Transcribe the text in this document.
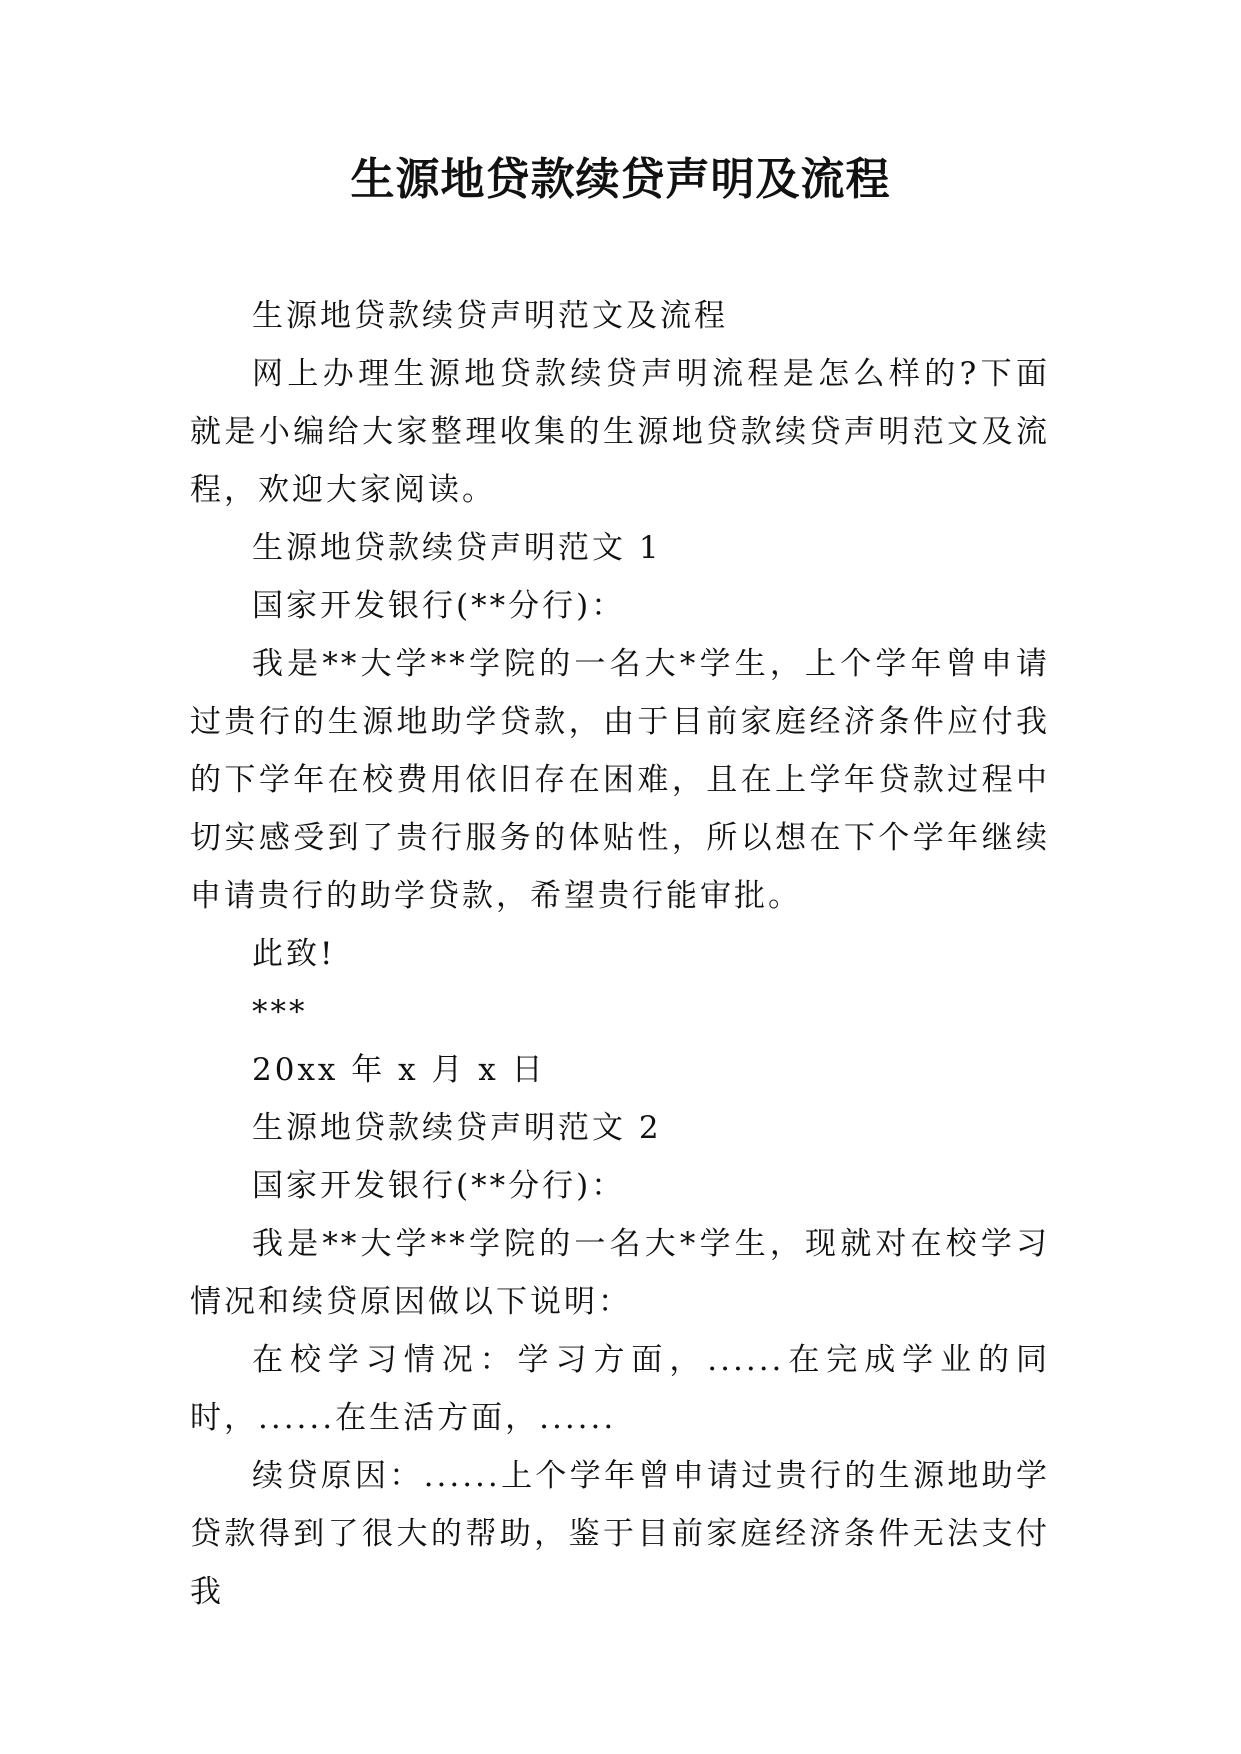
生源地贷款续贷声明及流程

生源地贷款续贷声明范文及流程

网上办理生源地贷款续贷声明流程是怎么样的?下面就是小编给大家整理收集的生源地贷款续贷声明范文及流程，欢迎大家阅读。

生源地贷款续贷声明范文 1

国家开发银行(**分行)：

我是**大学**学院的一名大*学生，上个学年曾申请过贵行的生源地助学贷款，由于目前家庭经济条件应付我的下学年在校费用依旧存在困难，且在上学年贷款过程中切实感受到了贵行服务的体贴性，所以想在下个学年继续申请贵行的助学贷款，希望贵行能审批。

此致!

***

20xx 年 x 月 x 日

生源地贷款续贷声明范文 2

国家开发银行(**分行)：

我是**大学**学院的一名大*学生，现就对在校学习情况和续贷原因做以下说明：

在校学习情况：学习方面，......在完成学业的同时，......在生活方面，......

续贷原因：......上个学年曾申请过贵行的生源地助学贷款得到了很大的帮助，鉴于目前家庭经济条件无法支付我
